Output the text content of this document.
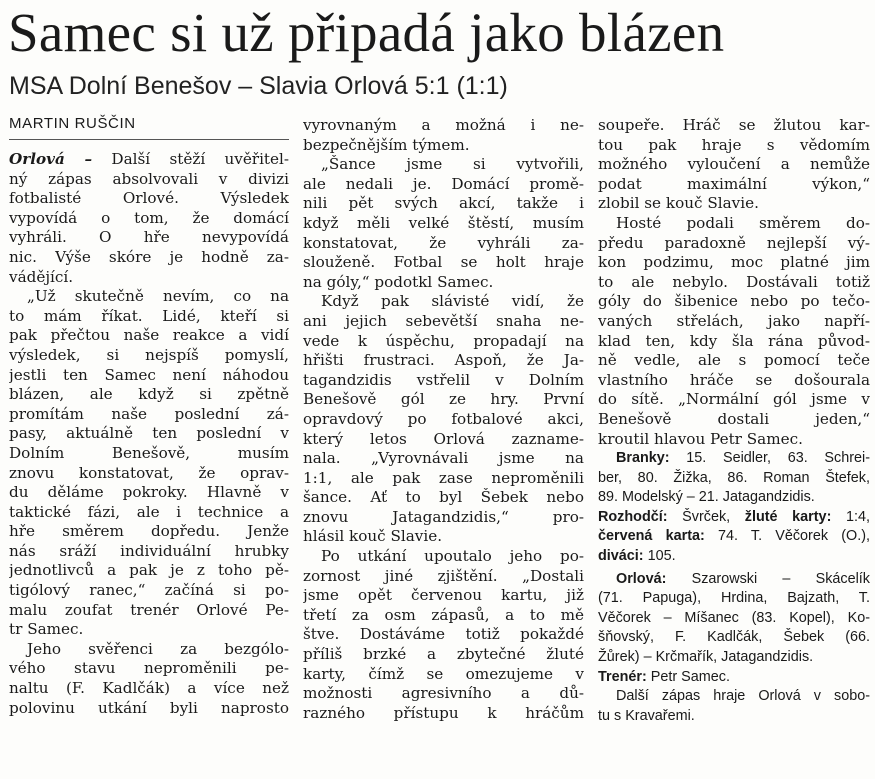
Samec si už připadá jako blázen
MSA Dolní Benešov – Slavia Orlová 5:1 (1:1)
MARTIN RUŠČIN
Orlová – Další stěží uvěřitel-
ný zápas absolvovali v divizi
fotbalisté Orlové. Výsledek
vypovídá o tom, že domácí
vyhráli. O hře nevypovídá
nic. Výše skóre je hodně za-
vádějící.
„Už skutečně nevím, co na
to mám říkat. Lidé, kteří si
pak přečtou naše reakce a vidí
výsledek, si nejspíš pomyslí,
jestli ten Samec není náhodou
blázen, ale když si zpětně
promítám naše poslední zá-
pasy, aktuálně ten poslední v
Dolním Benešově, musím
znovu konstatovat, že oprav-
du děláme pokroky. Hlavně v
taktické fázi, ale i technice a
hře směrem dopředu. Jenže
nás sráží individuální hrubky
jednotlivců a pak je z toho pě-
tigólový ranec,“ začíná si po-
malu zoufat trenér Orlové Pe-
tr Samec.
Jeho svěřenci za bezgólo-
vého stavu neproměnili pe-
naltu (F. Kadlčák) a více než
polovinu utkání byli naprosto
vyrovnaným a možná i ne-
bezpečnějším týmem.
„Šance jsme si vytvořili,
ale nedali je. Domácí promě-
nili pět svých akcí, takže i
když měli velké štěstí, musím
konstatovat, že vyhráli za-
slouženě. Fotbal se holt hraje
na góly,“ podotkl Samec.
Když pak slávisté vidí, že
ani jejich sebevětší snaha ne-
vede k úspěchu, propadají na
hřišti frustraci. Aspoň, že Ja-
tagandzidis vstřelil v Dolním
Benešově gól ze hry. První
opravdový po fotbalové akci,
který letos Orlová zazname-
nala. „Vyrovnávali jsme na
1:1, ale pak zase neproměnili
šance. Ať to byl Šebek nebo
znovu Jatagandzidis,“ pro-
hlásil kouč Slavie.
Po utkání upoutalo jeho po-
zornost jiné zjištění. „Dostali
jsme opět červenou kartu, již
třetí za osm zápasů, a to mě
štve. Dostáváme totiž pokaždé
příliš brzké a zbytečné žluté
karty, čímž se omezujeme v
možnosti agresivního a dů-
razného přístupu k hráčům
soupeře. Hráč se žlutou kar-
tou pak hraje s vědomím
možného vyloučení a nemůže
podat maximální výkon,“
zlobil se kouč Slavie.
Hosté podali směrem do-
předu paradoxně nejlepší vý-
kon podzimu, moc platné jim
to ale nebylo. Dostávali totiž
góly do šibenice nebo po tečo-
vaných střelách, jako napří-
klad ten, kdy šla rána původ-
ně vedle, ale s pomocí teče
vlastního hráče se došourala
do sítě. „Normální gól jsme v
Benešově dostali jeden,“
kroutil hlavou Petr Samec.
Branky: 15. Seidler, 63. Schrei-
ber, 80. Žižka, 86. Roman Štefek,
89. Modelský – 21. Jatagandzidis.
Rozhodčí: Švrček, žluté karty: 1:4,
červená karta: 74. T. Věčorek (O.),
diváci: 105.
Orlová: Szarowski – Skácelík
(71. Papuga), Hrdina, Bajzath, T.
Věčorek – Míšanec (83. Kopel), Ko-
šňovský, F. Kadlčák, Šebek (66.
Žůrek) – Krčmařík, Jatagandzidis.
Trenér: Petr Samec.
Další zápas hraje Orlová v sobo-
tu s Kravařemi.
